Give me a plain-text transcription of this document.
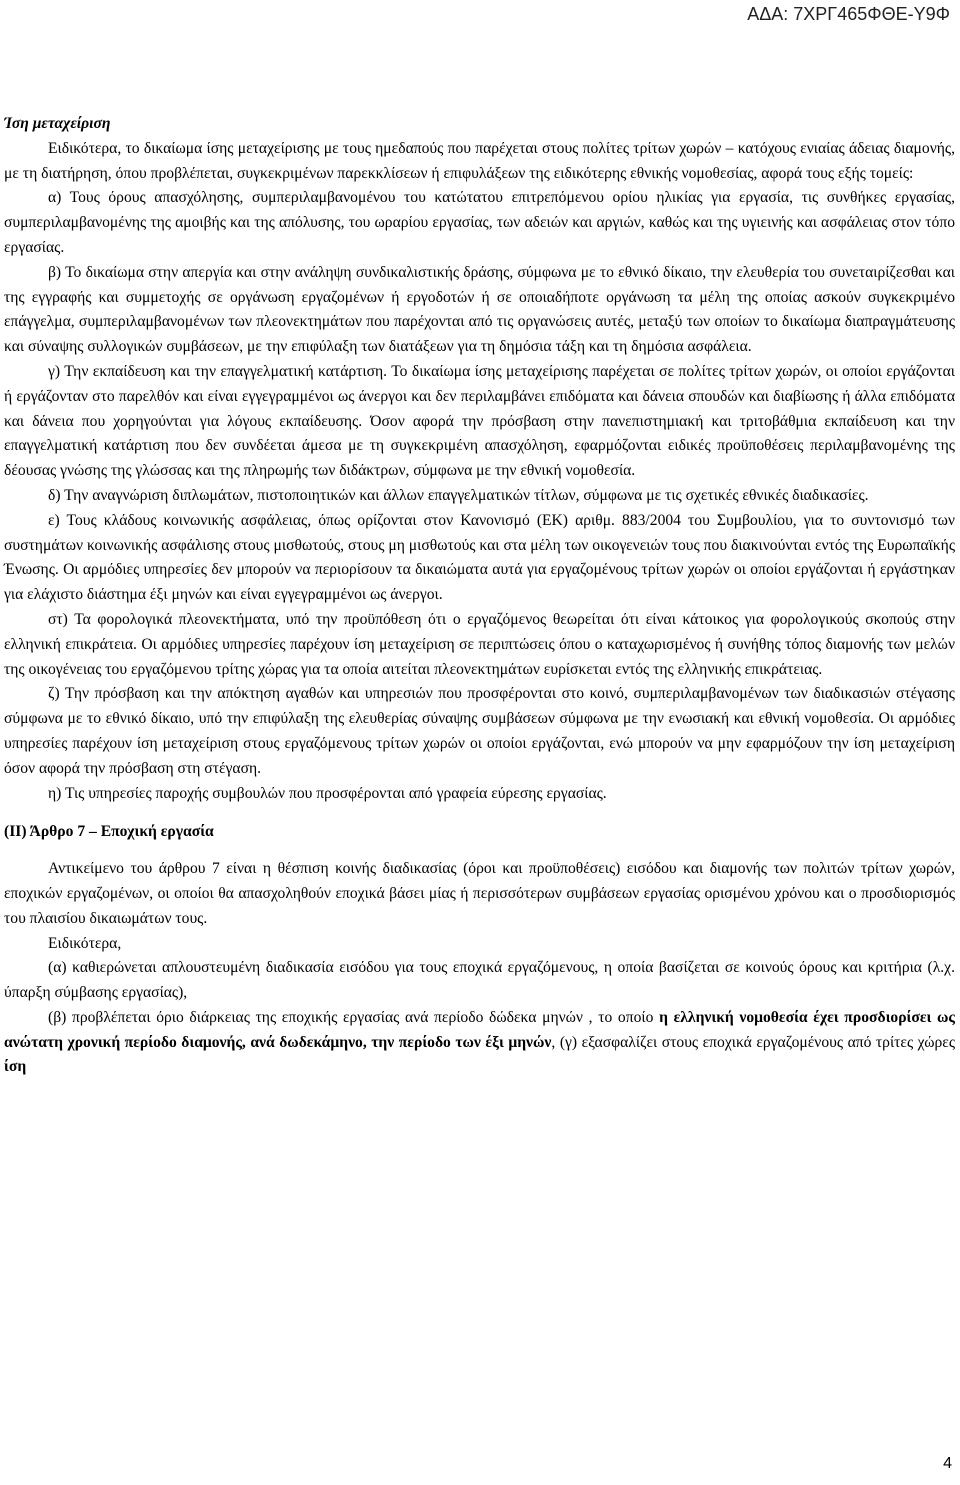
ΑΔΑ: 7ΧΡΓ465ΦΘΕ-Υ9Φ

Ίση μεταχείριση

Ειδικότερα, το δικαίωμα ίσης μεταχείρισης με τους ημεδαπούς που παρέχεται στους πολίτες τρίτων χωρών – κατόχους ενιαίας άδειας διαμονής, με τη διατήρηση, όπου προβλέπεται, συγκεκριμένων παρεκκλίσεων ή επιφυλάξεων της ειδικότερης εθνικής νομοθεσίας, αφορά τους εξής τομείς:

α) Τους όρους απασχόλησης, συμπεριλαμβανομένου του κατώτατου επιτρεπόμενου ορίου ηλικίας για εργασία, τις συνθήκες εργασίας, συμπεριλαμβανομένης της αμοιβής και της απόλυσης, του ωραρίου εργασίας, των αδειών και αργιών, καθώς και της υγιεινής και ασφάλειας στον τόπο εργασίας.

β) Το δικαίωμα στην απεργία και στην ανάληψη συνδικαλιστικής δράσης, σύμφωνα με το εθνικό δίκαιο, την ελευθερία του συνεταιρίζεσθαι και της εγγραφής και συμμετοχής σε οργάνωση εργαζομένων ή εργοδοτών ή σε οποιαδήποτε οργάνωση τα μέλη της οποίας ασκούν συγκεκριμένο επάγγελμα, συμπεριλαμβανομένων των πλεονεκτημάτων που παρέχονται από τις οργανώσεις αυτές, μεταξύ των οποίων το δικαίωμα διαπραγμάτευσης και σύναψης συλλογικών συμβάσεων, με την επιφύλαξη των διατάξεων για τη δημόσια τάξη και τη δημόσια ασφάλεια.

γ) Την εκπαίδευση και την επαγγελματική κατάρτιση. Το δικαίωμα ίσης μεταχείρισης παρέχεται σε πολίτες τρίτων χωρών, οι οποίοι εργάζονται ή εργάζονταν στο παρελθόν και είναι εγγεγραμμένοι ως άνεργοι και δεν περιλαμβάνει επιδόματα και δάνεια σπουδών και διαβίωσης ή άλλα επιδόματα και δάνεια που χορηγούνται για λόγους εκπαίδευσης. Όσον αφορά την πρόσβαση στην πανεπιστημιακή και τριτοβάθμια εκπαίδευση και την επαγγελματική κατάρτιση που δεν συνδέεται άμεσα με τη συγκεκριμένη απασχόληση, εφαρμόζονται ειδικές προϋποθέσεις περιλαμβανομένης της δέουσας γνώσης της γλώσσας και της πληρωμής των διδάκτρων, σύμφωνα με την εθνική νομοθεσία.

δ) Την αναγνώριση διπλωμάτων, πιστοποιητικών και άλλων επαγγελματικών τίτλων, σύμφωνα με τις σχετικές εθνικές διαδικασίες.

ε) Τους κλάδους κοινωνικής ασφάλειας, όπως ορίζονται στον Κανονισμό (ΕΚ) αριθμ. 883/2004 του Συμβουλίου, για το συντονισμό των συστημάτων κοινωνικής ασφάλισης στους μισθωτούς, στους μη μισθωτούς και στα μέλη των οικογενειών τους που διακινούνται εντός της Ευρωπαϊκής Ένωσης. Οι αρμόδιες υπηρεσίες δεν μπορούν να περιορίσουν τα δικαιώματα αυτά για εργαζομένους τρίτων χωρών οι οποίοι εργάζονται ή εργάστηκαν για ελάχιστο διάστημα έξι μηνών και είναι εγγεγραμμένοι ως άνεργοι.

στ) Τα φορολογικά πλεονεκτήματα, υπό την προϋπόθεση ότι ο εργαζόμενος θεωρείται ότι είναι κάτοικος για φορολογικούς σκοπούς στην ελληνική επικράτεια. Οι αρμόδιες υπηρεσίες παρέχουν ίση μεταχείριση σε περιπτώσεις όπου ο καταχωρισμένος ή συνήθης τόπος διαμονής των μελών της οικογένειας του εργαζόμενου τρίτης χώρας για τα οποία αιτείται πλεονεκτημάτων ευρίσκεται εντός της ελληνικής επικράτειας.

ζ) Την πρόσβαση και την απόκτηση αγαθών και υπηρεσιών που προσφέρονται στο κοινό, συμπεριλαμβανομένων των διαδικασιών στέγασης σύμφωνα με το εθνικό δίκαιο, υπό την επιφύλαξη της ελευθερίας σύναψης συμβάσεων σύμφωνα με την ενωσιακή και εθνική νομοθεσία. Οι αρμόδιες υπηρεσίες παρέχουν ίση μεταχείριση στους εργαζόμενους τρίτων χωρών οι οποίοι εργάζονται, ενώ μπορούν να μην εφαρμόζουν την ίση μεταχείριση όσον αφορά την πρόσβαση στη στέγαση.

η) Τις υπηρεσίες παροχής συμβουλών που προσφέρονται από γραφεία εύρεσης εργασίας.

(ΙΙ) Άρθρο 7 – Εποχική εργασία

Αντικείμενο του άρθρου 7 είναι η θέσπιση κοινής διαδικασίας (όροι και προϋποθέσεις) εισόδου και διαμονής των πολιτών τρίτων χωρών, εποχικών εργαζομένων, οι οποίοι θα απασχοληθούν εποχικά βάσει μίας ή περισσότερων συμβάσεων εργασίας ορισμένου χρόνου και ο προσδιορισμός του πλαισίου δικαιωμάτων τους.

Ειδικότερα,

(α) καθιερώνεται απλουστευμένη διαδικασία εισόδου για τους εποχικά εργαζόμενους, η οποία βασίζεται σε κοινούς όρους και κριτήρια (λ.χ. ύπαρξη σύμβασης εργασίας),

(β) προβλέπεται όριο διάρκειας της εποχικής εργασίας ανά περίοδο δώδεκα μηνών , το οποίο η ελληνική νομοθεσία έχει προσδιορίσει ως ανώτατη χρονική περίοδο διαμονής, ανά δωδεκάμηνο, την περίοδο των έξι μηνών, (γ) εξασφαλίζει στους εποχικά εργαζομένους από τρίτες χώρες ίση

4
